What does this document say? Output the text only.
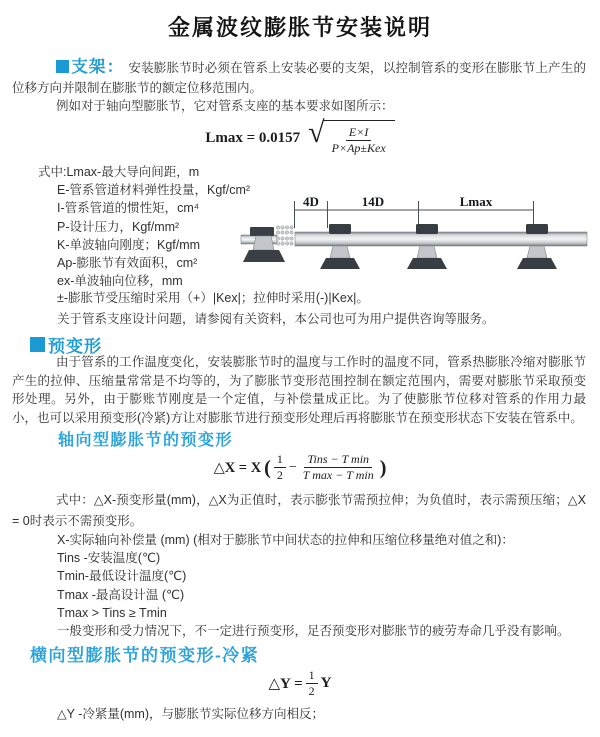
金属波纹膨胀节安装说明

支架： 安装膨胀节时必须在管系上安装必要的支架，以控制管系的变形在膨胀节上产生的位移方向并限制在膨胀节的额定位移范围内。

例如对于轴向型膨胀节，它对管系支座的基本要求如图所示：

Lmax = 0.0157 √ $\frac{E\times I}{\text{P×Ap±Kex}}$
式中:Lmax-最大导向间距，m
E-管系管道材料弹性投量，Kgf/cm²
I-管系管道的惯性矩，cm⁴
P-设计压力，Kgf/mm²
K-单波轴向刚度；Kgf/mm
Ap-膨胀节有效面积，cm²
ex-单波轴向位移，mm
4D	14D	Lmax

±-膨胀节受压缩时采用（+）|Kex|；拉伸时采用(-)|Kex|。

关于管系支座设计问题，请参阅有关资料，本公司也可为用户提供咨询等服务。

预变形

由于管系的工作温度变化，安装膨胀节时的温度与工作时的温度不同，管系热膨胀冷缩对膨胀节产生的拉伸、压缩量常常是不均等的，为了膨胀节变形范围控制在额定范围内，需要对膨胀节采取预变形处理。另外，由于膨账节刚度是一个定值，与补偿量成正比。为了使膨胀节位移对管系的作用力最小，也可以采用预变形(冷紧)方让对膨胀节进行预变形处理后再将膨胀节在预变形状态下安装在管系中。

轴向型膨胀节的预变形
△X = X ( $\frac{1}{2} - \frac{\text{Tins − T min}}{\text{T max − T min}}$ )

式中：△X-预变形量(mm)，△X为正值时，表示膨张节需预拉伸；为负值时，表示需预压缩；△X = 0时表示不需预变形。

X-实际轴向补偿量 (mm) (相对于膨胀节中间状态的拉伸和压缩位移量绝对值之和)：
Tins -安装温度(℃)
Tmin-最低设计温度(℃)
Tmax -最高设计温 (℃)
Tmax > Tins ≥ Tmin
一般变形和受力情况下，不一定进行预变形，足否预变形对膨胀节的疲劳寿命几乎没有影响。
横向型膨胀节的预变形-冷紧
△Y = $\frac{1}{2}$ Y

△Y -冷紧量(mm)，与膨胀节实际位移方向相反；
